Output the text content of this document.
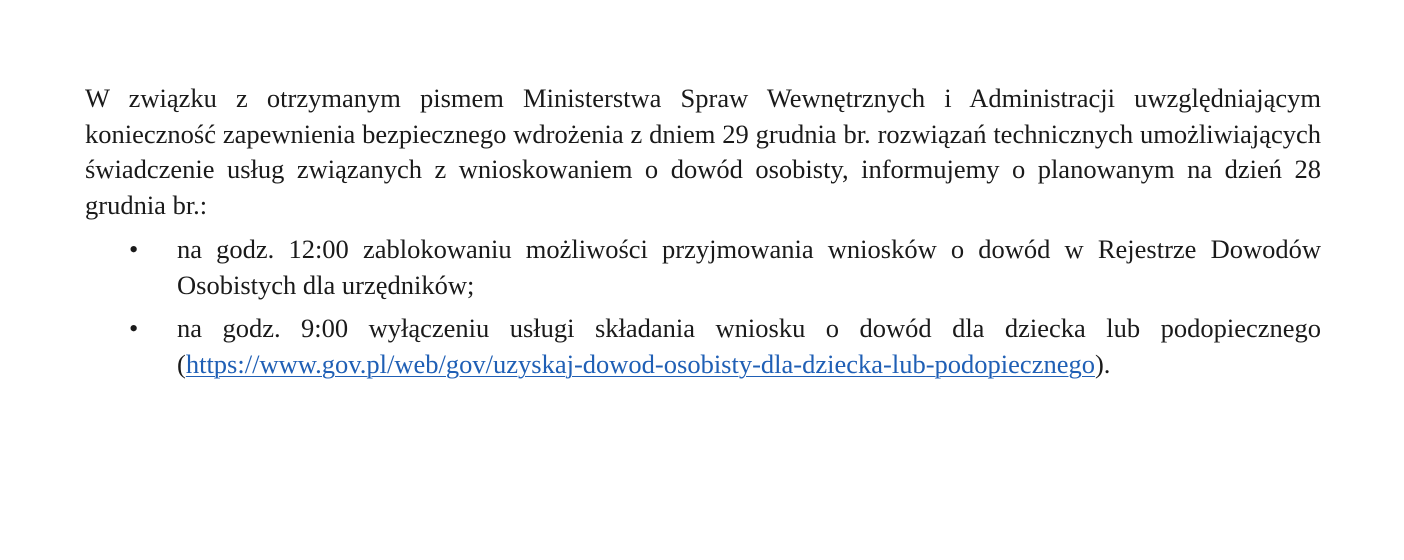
W związku z otrzymanym pismem Ministerstwa Spraw Wewnętrznych i Administracji uwzględniającym konieczność zapewnienia bezpiecznego wdrożenia z dniem 29 grudnia br. rozwiązań technicznych umożliwiających świadczenie usług związanych z wnioskowaniem o dowód osobisty, informujemy o planowanym na dzień 28 grudnia br.:

• na godz. 12:00 zablokowaniu możliwości przyjmowania wniosków o dowód w Rejestrze Dowodów Osobistych dla urzędników;
• na godz. 9:00 wyłączeniu usługi składania wniosku o dowód dla dziecka lub podopiecznego (https://www.gov.pl/web/gov/uzyskaj-dowod-osobisty-dla-dziecka-lub-podopiecznego).
